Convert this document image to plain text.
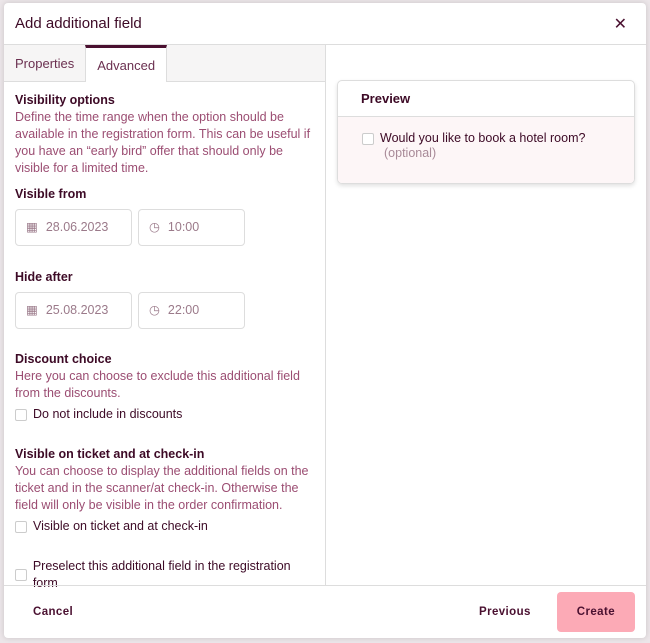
Add additional field	✕
Properties	Advanced
Visibility options
Define the time range when the option should be available in the registration form. This can be useful if you have an “early bird” offer that should only be visible for a limited time.
Visible from
▦ 28.06.2023	◷ 10:00
Hide after
▦ 25.08.2023	◷ 22:00
Discount choice
Here you can choose to exclude this additional field from the discounts.
Do not include in discounts
Visible on ticket and at check-in
You can choose to display the additional fields on the ticket and in the scanner/at check-in. Otherwise the field will only be visible in the order confirmation.
Visible on ticket and at check-in
Preselect this additional field in the registration form
Preview
Would you like to book a hotel room?
(optional)
Cancel	Previous	Create
